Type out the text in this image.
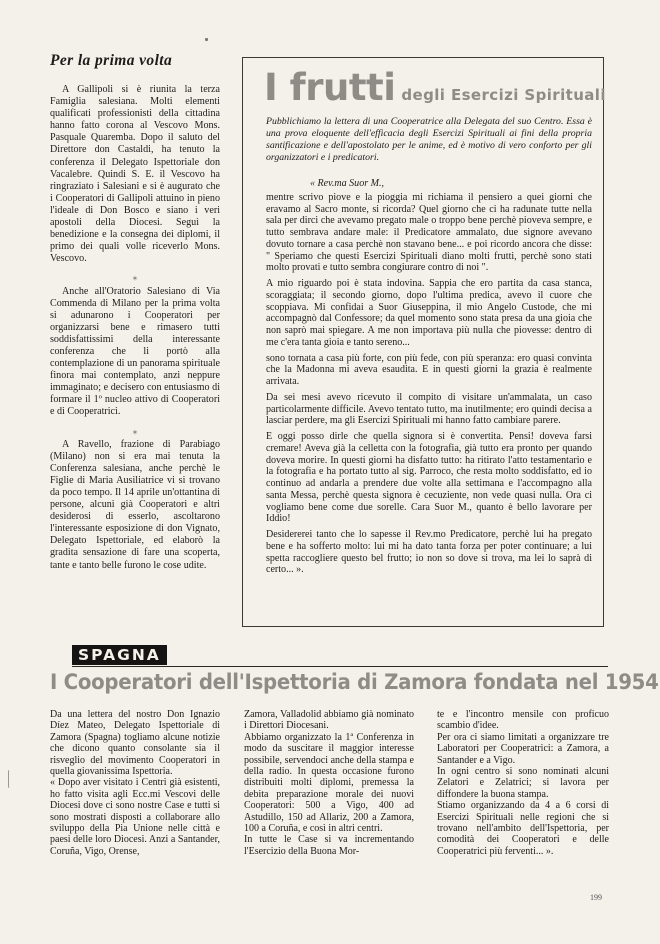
Per la prima volta

A Gallipoli si è riunita la terza Famiglia salesiana. Molti elementi qualificati professionisti della cittadina hanno fatto corona al Vescovo Mons. Pasquale Quaremba. Dopo il saluto del Direttore don Castaldi, ha tenuto la conferenza il Delegato Ispettoriale don Vacalebre. Quindi S. E. il Vescovo ha ringraziato i Salesiani e si è augurato che i Cooperatori di Gallipoli attuino in pieno l'ideale di Don Bosco e siano i veri apostoli della Diocesi. Seguì la benedizione e la consegna dei diplomi, il primo dei quali volle riceverlo Mons. Vescovo.

✶

Anche all'Oratorio Salesiano di Via Commenda di Milano per la prima volta si adunarono i Cooperatori per organizzarsi bene e rimasero tutti soddisfattissimi della interessante conferenza che li portò alla contemplazione di un panorama spirituale finora mai contemplato, anzi neppure immaginato; e decisero con entusiasmo di formare il 1º nucleo attivo di Cooperatori e di Cooperatrici.

✶

A Ravello, frazione di Parabiago (Milano) non si era mai tenuta la Conferenza salesiana, anche perchè le Figlie di Maria Ausiliatrice vi si trovano da poco tempo. Il 14 aprile un'ottantina di persone, alcuni già Cooperatori e altri desiderosi di esserlo, ascoltarono l'interessante esposizione di don Vignato, Delegato Ispettoriale, ed elaborò la gradita sensazione di fare una scoperta, tante e tanto belle furono le cose udite.

I frutti degli Esercizi Spirituali
Pubblichiamo la lettera di una Cooperatrice alla Delegata del suo Centro. Essa è una prova eloquente dell'efficacia degli Esercizi Spirituali ai fini della propria santificazione e dell'apostolato per le anime, ed è motivo di vero conforto per gli organizzatori e i predicatori.

« Rev.ma Suor M.,

mentre scrivo piove e la pioggia mi richiama il pensiero a quei giorni che eravamo al Sacro monte, si ricorda? Quel giorno che ci ha radunate tutte nella sala per dirci che avevamo pregato male o troppo bene perchè pioveva sempre, e tutto sembrava andare male: il Predicatore ammalato, due signore avevano dovuto tornare a casa perchè non stavano bene... e poi ricordo ancora che disse: " Speriamo che questi Esercizi Spirituali diano molti frutti, perchè sono stati molto provati e tutto sembra congiurare contro di noi ".

A mio riguardo poi è stata indovina. Sappia che ero partita da casa stanca, scoraggiata; il secondo giorno, dopo l'ultima predica, avevo il cuore che scoppiava. Mi confidai a Suor Giuseppina, il mio Angelo Custode, che mi accompagnò dal Confessore; da quel momento sono stata presa da una gioia che non saprò mai spiegare. A me non importava più nulla che piovesse: dentro di me c'era tanta gioia e tanto sereno...

sono tornata a casa più forte, con più fede, con più speranza: ero quasi convinta che la Madonna mi aveva esaudita. E in questi giorni la grazia è realmente arrivata.

Da sei mesi avevo ricevuto il compito di visitare un'ammalata, un caso particolarmente difficile. Avevo tentato tutto, ma inutilmente; ero quindi decisa a lasciar perdere, ma gli Esercizi Spirituali mi hanno fatto cambiare parere.

E oggi posso dirle che quella signora si è convertita. Pensi! doveva farsi cremare! Aveva già la celletta con la fotografia, già tutto era pronto per quando doveva morire. In questi giorni ha disfatto tutto: ha ritirato l'atto testamentario e la fotografia e ha portato tutto al sig. Parroco, che resta molto soddisfatto, ed io continuo ad andarla a prendere due volte alla settimana e l'accompagno alla santa Messa, perchè questa signora è cecuziente, non vede quasi nulla. Ora ci vogliamo bene come due sorelle. Cara Suor M., quanto è bello lavorare per Iddio!

Desidererei tanto che lo sapesse il Rev.mo Predicatore, perchè lui ha pregato bene e ha sofferto molto: lui mi ha dato tanta forza per poter continuare; a lui spetta raccogliere questo bel frutto; io non so dove si trova, ma lei lo saprà di certo... ».

SPAGNA
I Cooperatori dell'Ispettoria di Zamora fondata nel 1954

Da una lettera del nostro Don Ignazio Díez Mateo, Delegato Ispettoriale di Zamora (Spagna) togliamo alcune notizie che dicono quanto consolante sia il risveglio del movimento Cooperatori in quella giovanissima Ispettoria.

« Dopo aver visitato i Centri già esistenti, ho fatto visita agli Ecc.mi Vescovi delle Diocesi dove ci sono nostre Case e tutti si sono mostrati disposti a collaborare allo sviluppo della Pia Unione nelle città e paesi delle loro Diocesi. Anzi a Santander, Coruña, Vigo, Orense,

Zamora, Valladolid abbiamo già nominato i Direttori Diocesani.

Abbiamo organizzato la 1ª Conferenza in modo da suscitare il maggior interesse possibile, servendoci anche della stampa e della radio. In questa occasione furono distribuiti molti diplomi, premessa la debita preparazione morale dei nuovi Cooperatori: 500 a Vigo, 400 ad Astudillo, 150 ad Allariz, 200 a Zamora, 100 a Coruña, e così in altri centri.

In tutte le Case si va incrementando l'Esercizio della Buona Mor-

te e l'incontro mensile con proficuo scambio d'idee.

Per ora ci siamo limitati a organizzare tre Laboratori per Cooperatrici: a Zamora, a Santander e a Vigo.

In ogni centro si sono nominati alcuni Zelatori e Zelatrici; si lavora per diffondere la buona stampa.

Stiamo organizzando da 4 a 6 corsi di Esercizi Spirituali nelle regioni che si trovano nell'ambito dell'Ispettoria, per comodità dei Cooperatori e delle Cooperatrici più ferventi... ».

199
